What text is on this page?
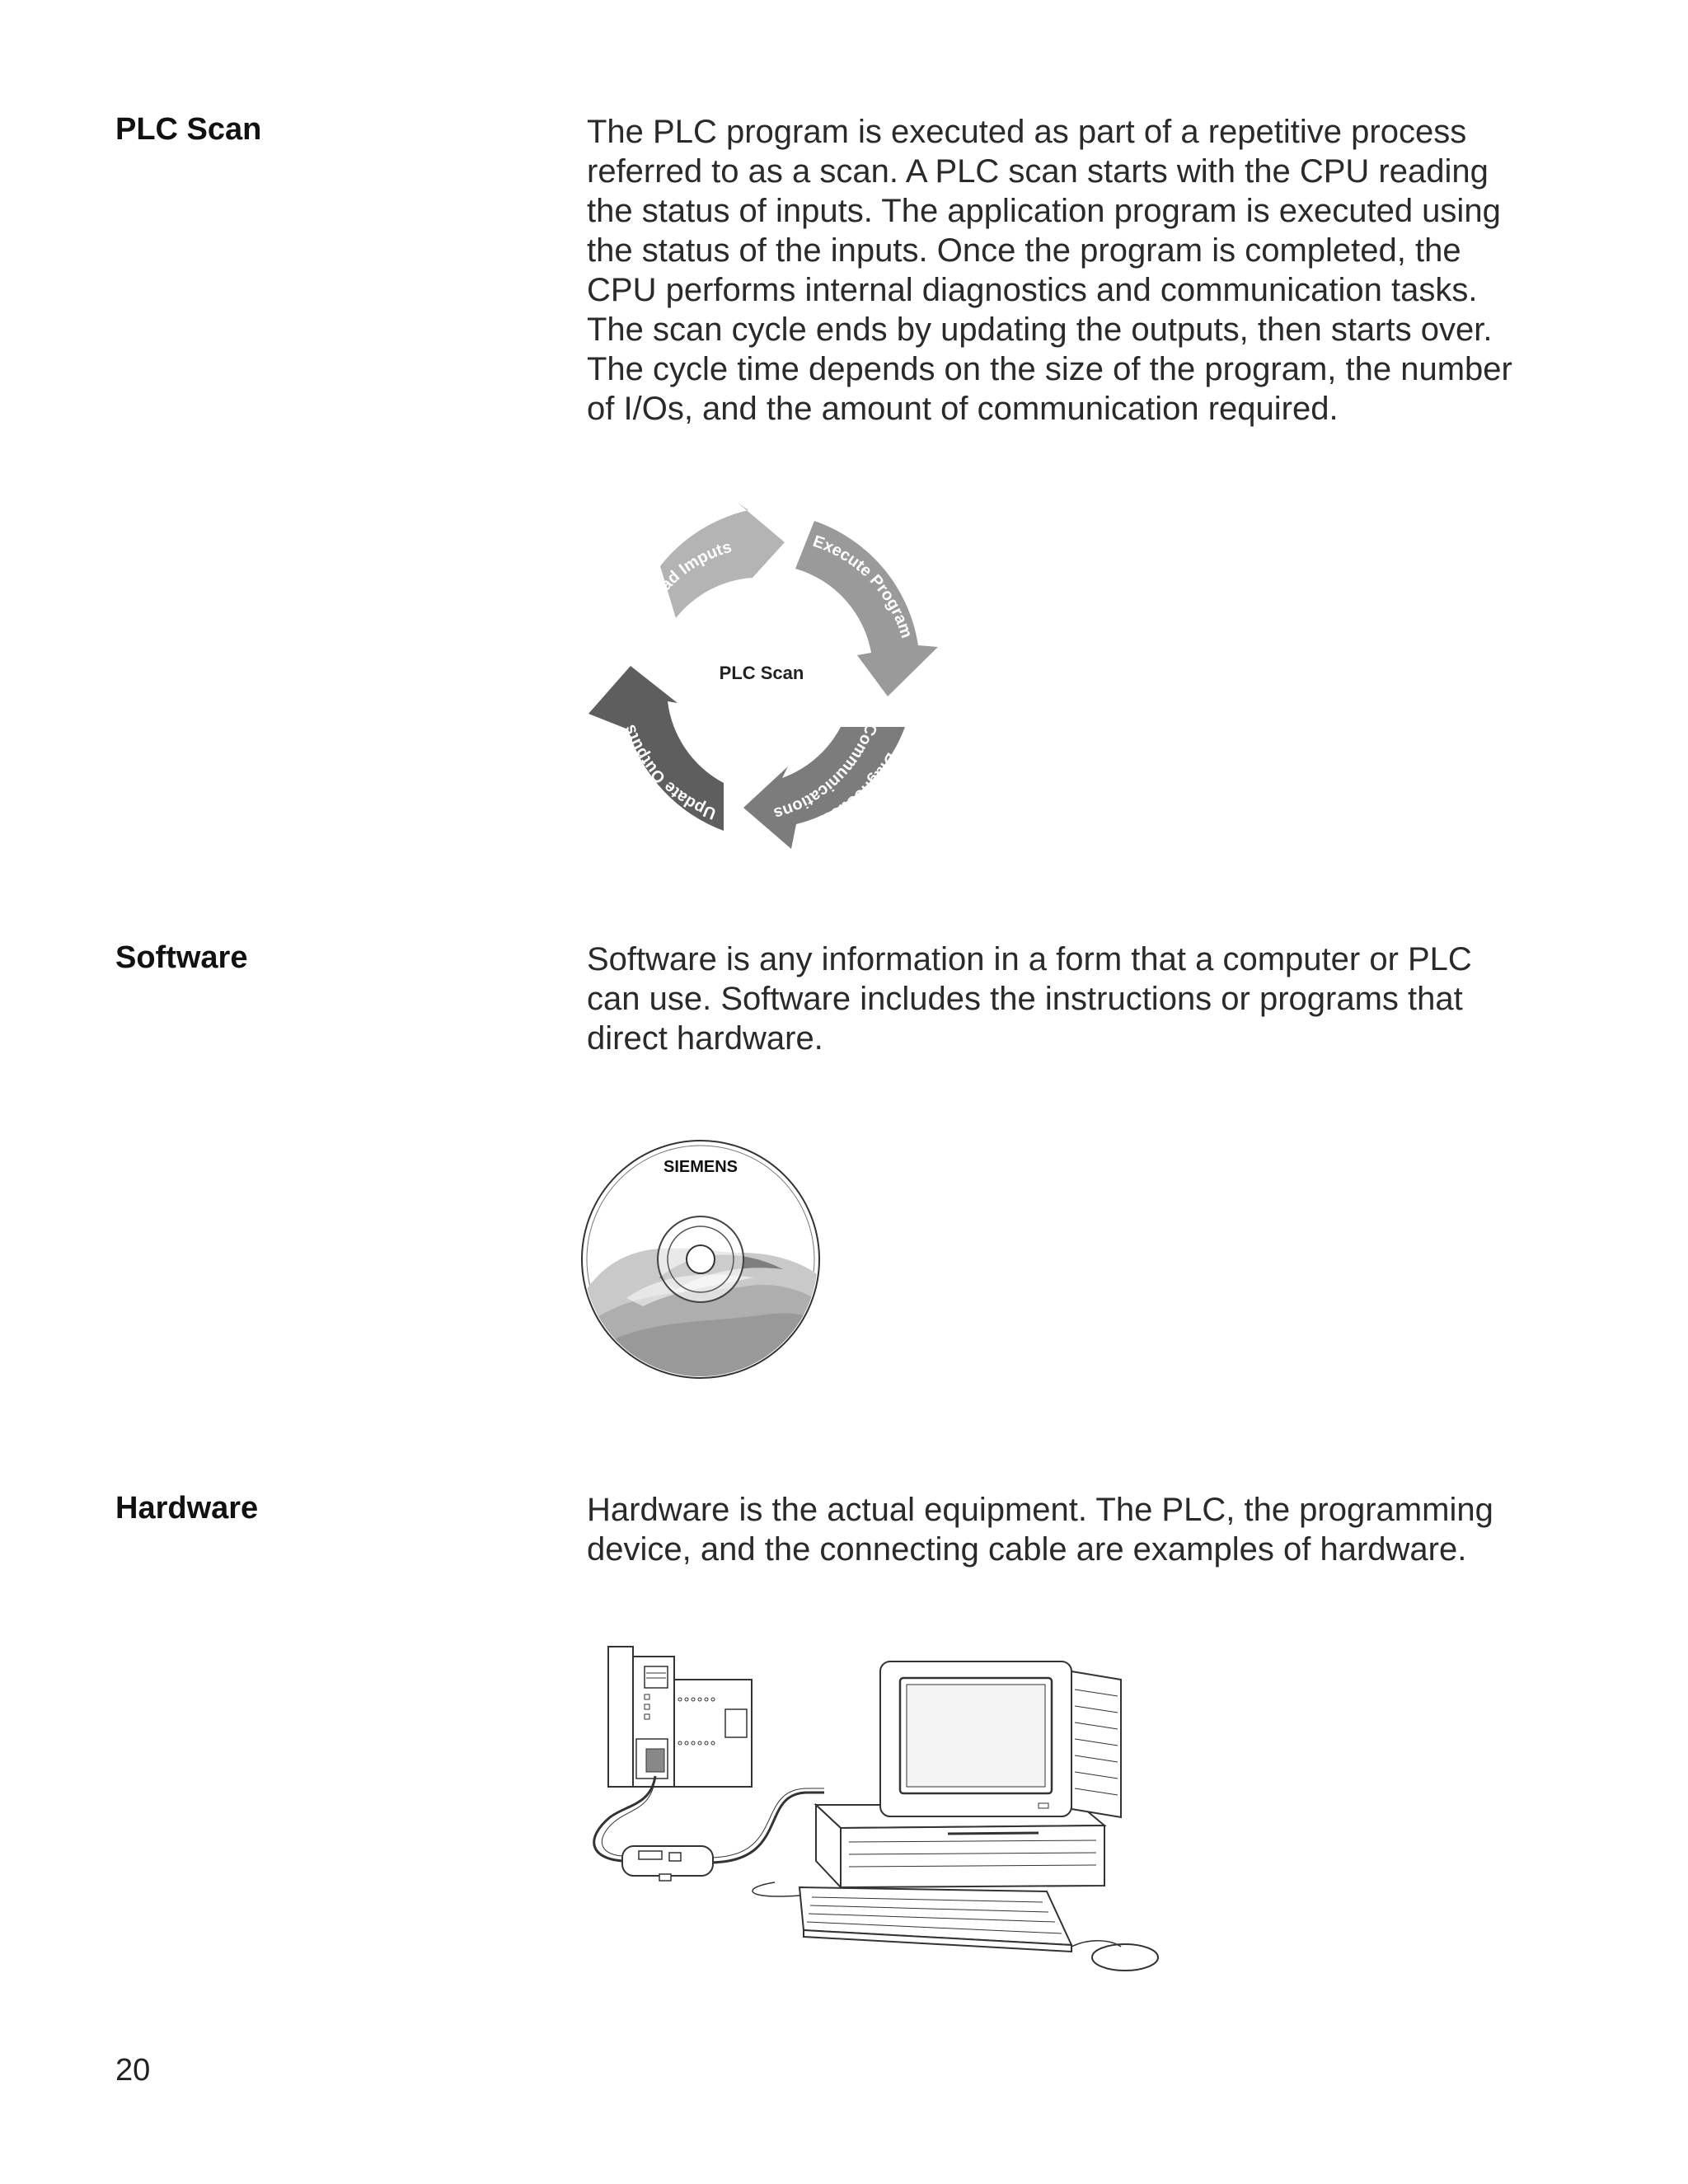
PLC Scan	The PLC program is executed as part of a repetitive process
referred to as a scan. A PLC scan starts with the CPU reading
the status of inputs. The application program is executed using
the status of the inputs. Once the program is completed, the
CPU performs internal diagnostics and communication tasks.
The scan cycle ends by updating the outputs, then starts over.
The cycle time depends on the size of the program, the number
of I/Os, and the amount of communication required.

Read Imputs	Execute Program
Communications
Diagnostics/
Update Outputs
PLC Scan
Software	Software is any information in a form that a computer or PLC
can use. Software includes the instructions or programs that
direct hardware.

SIEMENS
Hardware	Hardware is the actual equipment. The PLC, the programming
device, and the connecting cable are examples of hardware.

20
